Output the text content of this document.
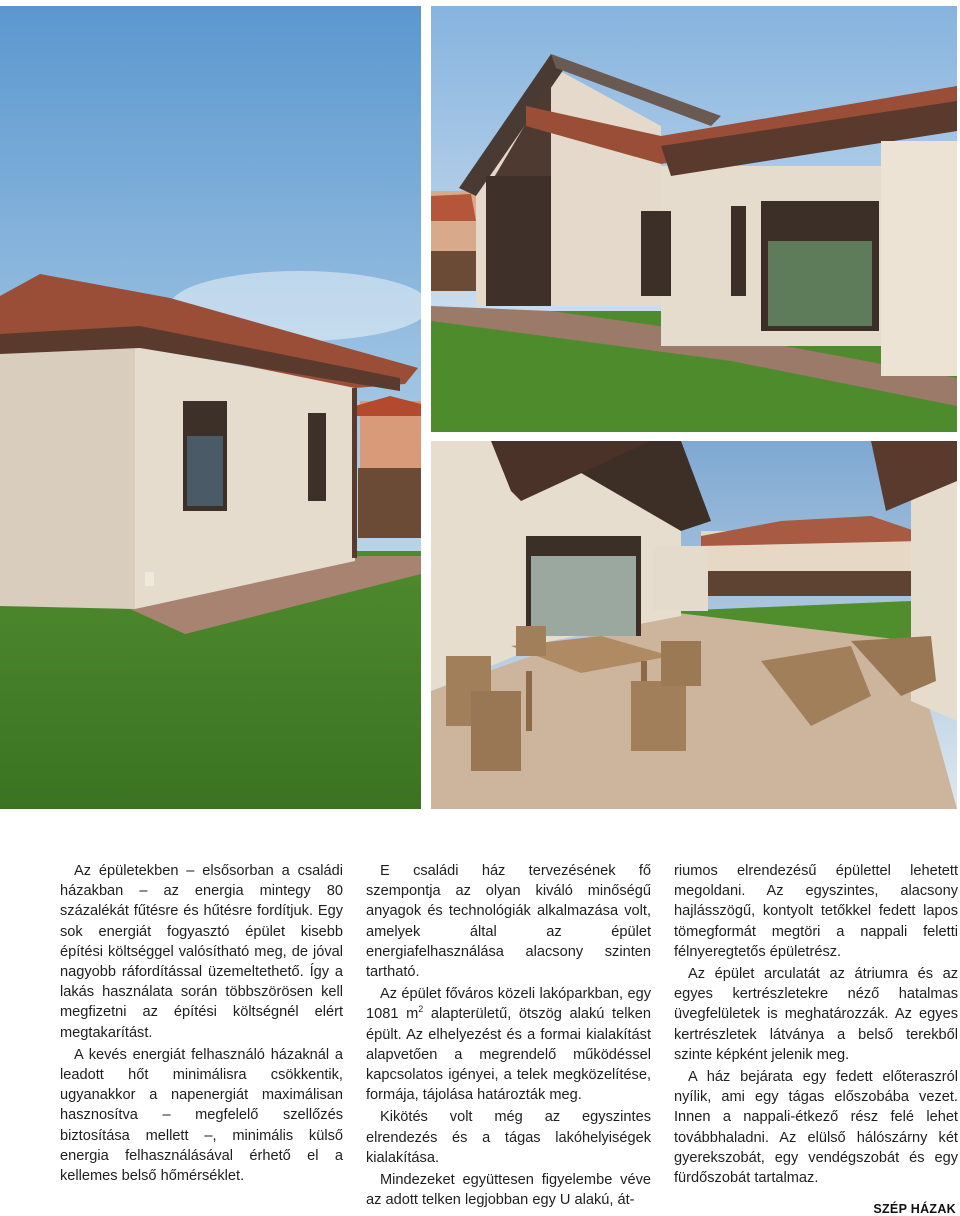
Az épületekben – elsősorban a családi házakban – az energia mintegy 80 százalékát fűtésre és hűtésre fordítjuk. Egy sok energiát fogyasztó épület kisebb építési költséggel valósítható meg, de jóval nagyobb ráfordítással üzemeltethető. Így a lakás használata során többszörösen kell megfizetni az építési költségnél elért megtakarítást.

A kevés energiát felhasználó házaknál a leadott hőt minimálisra csökkentik, ugyanakkor a napenergiát maximálisan hasznosítva – megfelelő szellőzés biztosítása mellett –, minimális külső energia felhasználásával érhető el a kellemes belső hőmérséklet.

E családi ház tervezésének fő szempontja az olyan kiváló minőségű anyagok és technológiák alkalmazása volt, amelyek által az épület energiafelhasználása alacsony szinten tartható.

Az épület főváros közeli lakóparkban, egy 1081 $m^2$ alapterületű, ötszög alakú telken épült. Az elhelyezést és a formai kialakítást alapvetően a megrendelő működéssel kapcsolatos igényei, a telek megközelítése, formája, tájolása határozták meg.

Kikötés volt még az egyszintes elrendezés és a tágas lakóhelyiségek kialakítása.

Mindezeket együttesen figyelembe véve az adott telken legjobban egy U alakú, át-

riumos elrendezésű épülettel lehetett megoldani. Az egyszintes, alacsony hajlásszögű, kontyolt tetőkkel fedett lapos tömegformát megtöri a nappali feletti félnyeregtetős épületrész.

Az épület arculatát az átriumra és az egyes kertrészletekre néző hatalmas üvegfelületek is meghatározzák. Az egyes kertrészletek látványa a belső terekből szinte képként jelenik meg.

A ház bejárata egy fedett előteraszról nyílik, ami egy tágas előszobába vezet. Innen a nappali-étkező rész felé lehet továbbhaladni. Az elülső hálószárny két gyerekszobát, egy vendégszobát és egy fürdőszobát tartalmaz.

SZÉP HÁZAK
